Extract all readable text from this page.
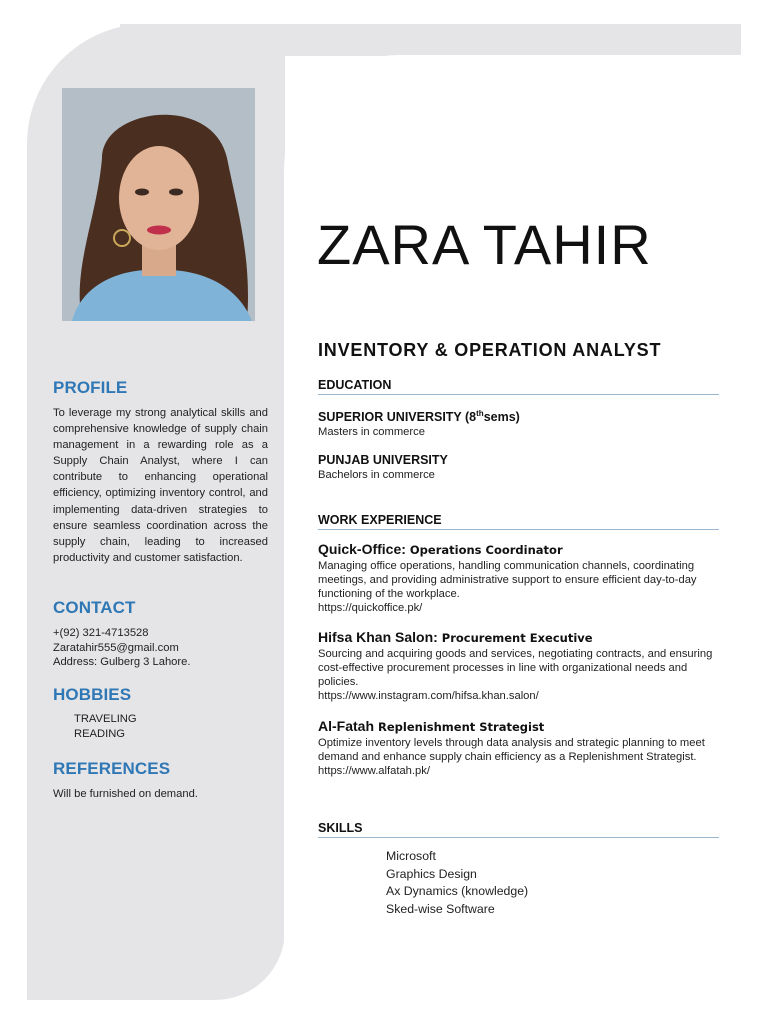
PROFILE

To leverage my strong analytical skills and comprehensive knowledge of supply chain management in a rewarding role as a Supply Chain Analyst, where I can contribute to enhancing operational efficiency, optimizing inventory control, and implementing data-driven strategies to ensure seamless coordination across the supply chain, leading to increased productivity and customer satisfaction.

CONTACT

+(92) 321-4713528

Zaratahir555@gmail.com

Address: Gulberg 3 Lahore.

HOBBIES
TRAVELING
READING
REFERENCES

Will be furnished on demand.

ZARA TAHIR
INVENTORY & OPERATION ANALYST
EDUCATION

SUPERIOR UNIVERSITY (8thsems)

Masters in commerce

PUNJAB UNIVERSITY

Bachelors in commerce

WORK EXPERIENCE

Quick-Office: Operations Coordinator

Managing office operations, handling communication channels, coordinating meetings, and providing administrative support to ensure efficient day-to-day functioning of the workplace.

https://quickoffice.pk/

Hifsa Khan Salon: Procurement Executive

Sourcing and acquiring goods and services, negotiating contracts, and ensuring cost-effective procurement processes in line with organizational needs and policies.

https://www.instagram.com/hifsa.khan.salon/

Al-Fatah Replenishment Strategist

Optimize inventory levels through data analysis and strategic planning to meet demand and enhance supply chain efficiency as a Replenishment Strategist.

https://www.alfatah.pk/

SKILLS
Microsoft
Graphics Design
Ax Dynamics (knowledge)
Sked-wise Software
